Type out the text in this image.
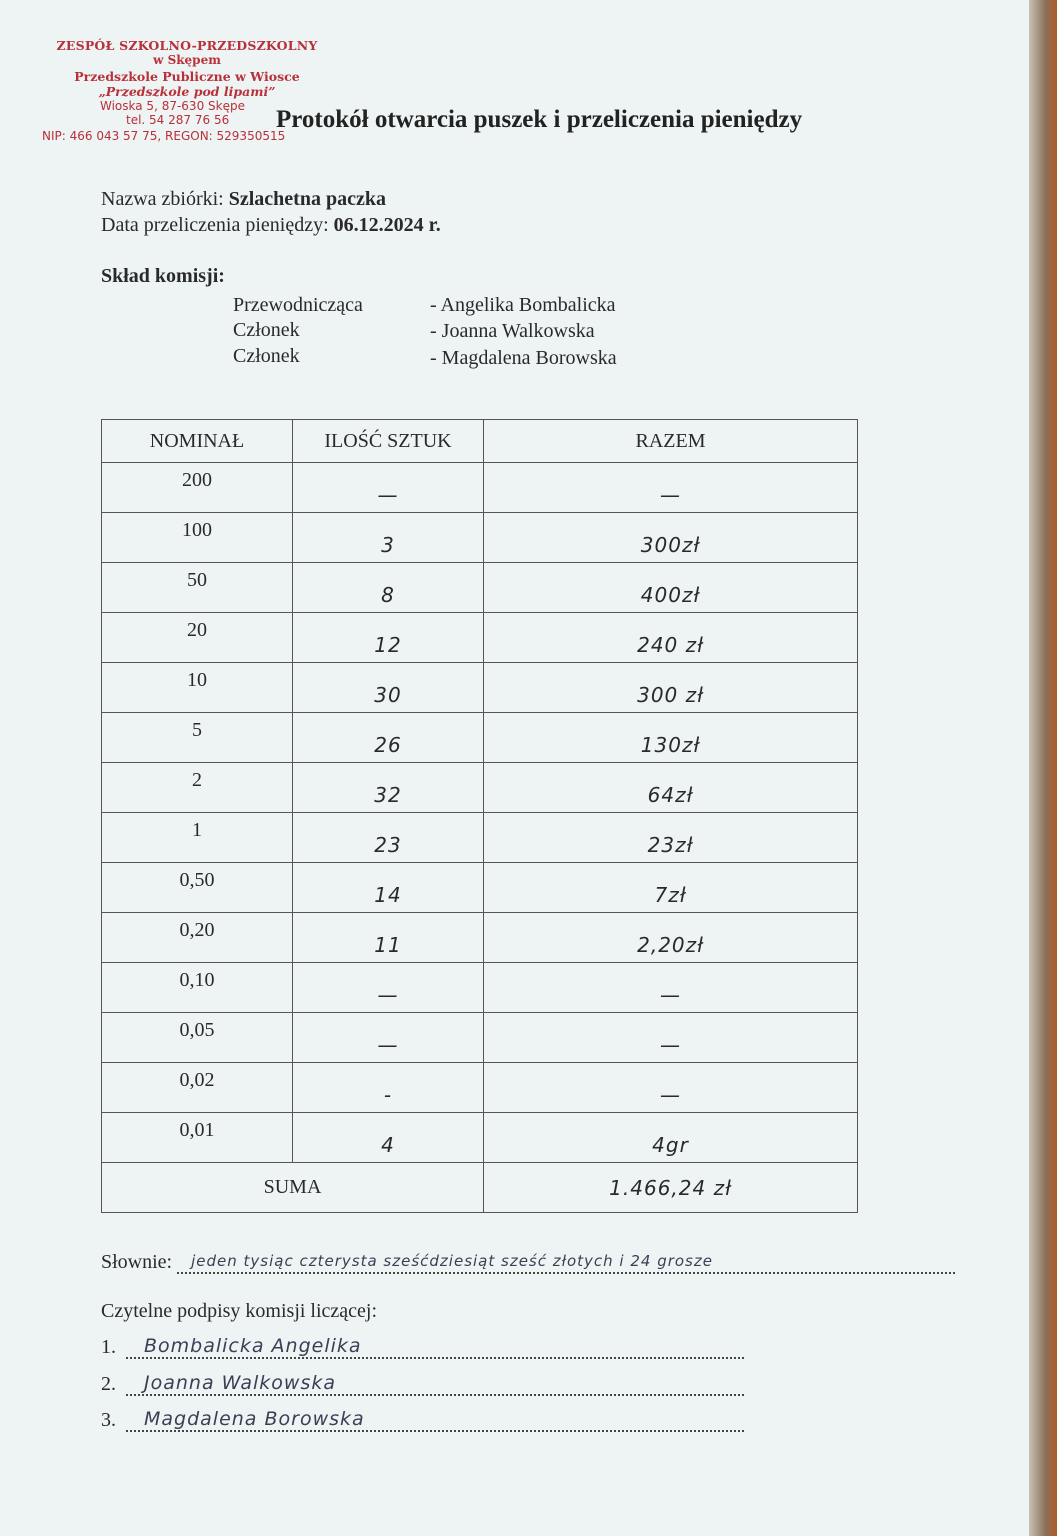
ZESPÓŁ SZKOLNO-PRZEDSZKOLNY
w Skępem
Przedszkole Publiczne w Wiosce
„Przedszkole pod lipami”
Wioska 5, 87-630 Skępe
tel. 54 287 76 56
NIP: 466 043 57 75, REGON: 529350515
Protokół otwarcia puszek i przeliczenia pieniędzy
Nazwa zbiórki: Szlachetna paczka
Data przeliczenia pieniędzy: 06.12.2024 r.
Skład komisji:
Przewodnicząca	- Angelika Bombalicka
Członek	- Joanna Walkowska
Członek	- Magdalena Borowska
NOMINAŁ	ILOŚĆ SZTUK	RAZEM

200	—	—

100	3	300zł

50	8	400zł

20	12	240 zł

10	30	300 zł

5	26	130zł

2	32	64zł

1	23	23zł

0,50	14	7zł

0,20	11	2,20zł

0,10	—	—

0,05	—	—

0,02	-	—

0,01	4	4gr
SUMA		1.466,24 zł
Słownie: jeden tysiąc czterysta sześćdziesiąt sześć złotych i 24 grosze
Czytelne podpisy komisji liczącej:
1. Bombalicka Angelika
2. Joanna Walkowska
3. Magdalena Borowska
